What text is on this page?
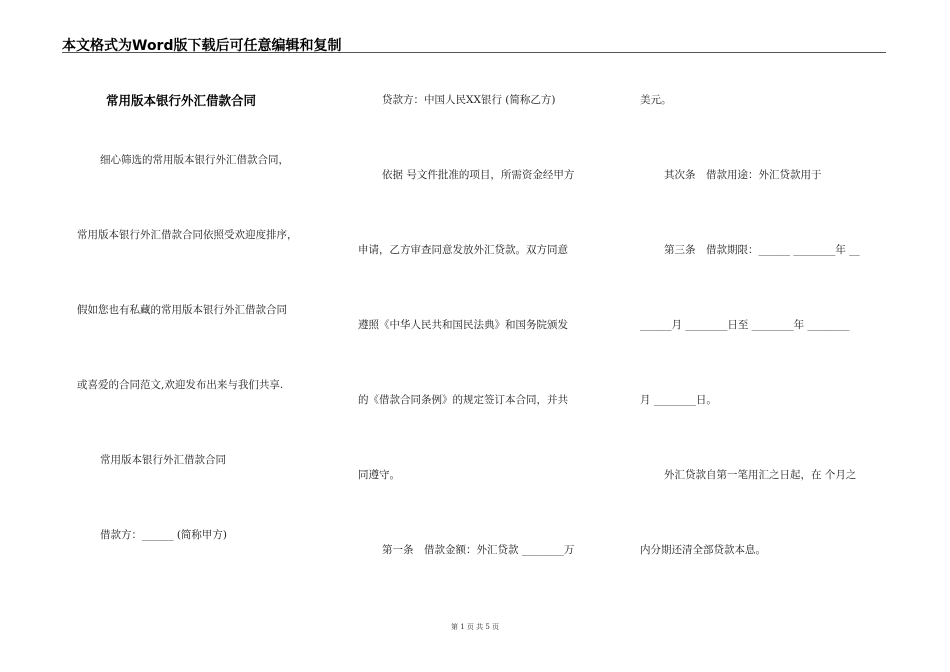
本文格式为Word版下载后可任意编辑和复制
常用版本银行外汇借款合同
细心筛选的常用版本银行外汇借款合同，
常用版本银行外汇借款合同依照受欢迎度排序，
假如您也有私藏的常用版本银行外汇借款合同
或喜爱的合同范文,欢迎发布出来与我们共享.
常用版本银行外汇借款合同
借款方：______ (简称甲方)
贷款方：中国人民XX银行 (简称乙方)
依据 号文件批准的项目，所需资金经甲方
申请，乙方审查同意发放外汇贷款。双方同意
遵照《中华人民共和国民法典》和国务院颁发
的《借款合同条例》的规定签订本合同，并共
同遵守。
第一条　借款金额：外汇贷款 ________万
美元。
其次条　借款用途：外汇贷款用于
第三条　借款期限：______ ________年 __
______月 ________日至 ________年 ________
月 ________日。
外汇贷款自第一笔用汇之日起，在 个月之
内分期还清全部贷款本息。
第 1 页 共 5 页
